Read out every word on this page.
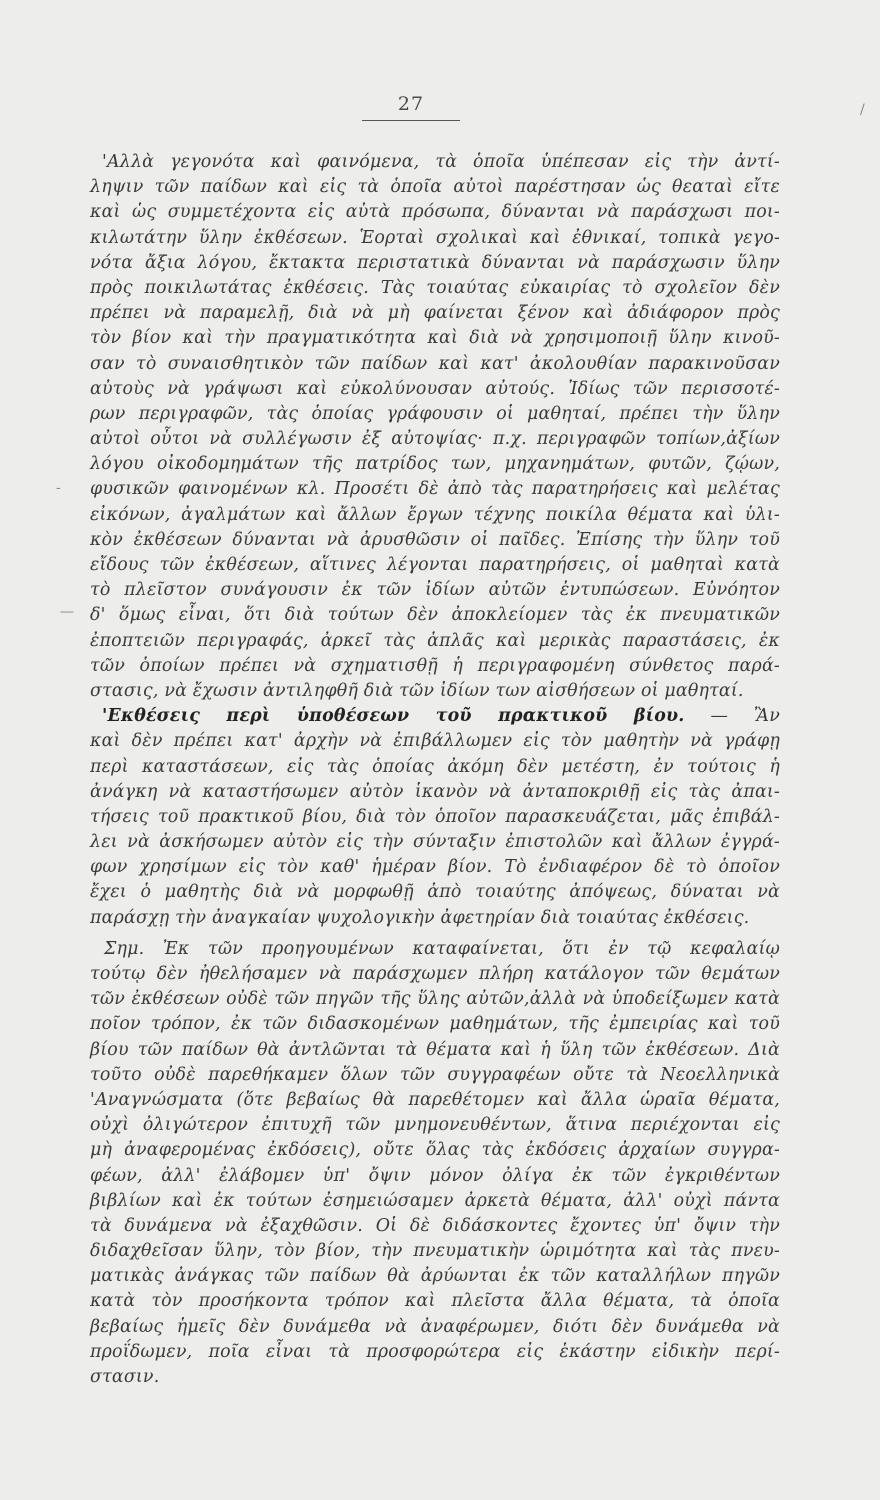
27	/
-
—
'Αλλὰ γεγονότα καὶ φαινόμενα, τὰ ὁποῖα ὑπέπεσαν εἰς τὴν ἀντί-
ληψιν τῶν παίδων καὶ εἰς τὰ ὁποῖα αὐτοὶ παρέστησαν ὡς θεαταὶ εἴτε
καὶ ὡς συμμετέχοντα εἰς αὐτὰ πρόσωπα, δύνανται νὰ παράσχωσι ποι-
κιλωτάτην ὕλην ἐκθέσεων. Ἑορταὶ σχολικαὶ καὶ ἐθνικαί, τοπικὰ γεγο-
νότα ἄξια λόγου, ἔκτακτα περιστατικὰ δύνανται νὰ παράσχωσιν ὕλην
πρὸς ποικιλωτάτας ἐκθέσεις. Τὰς τοιαύτας εὐκαιρίας τὸ σχολεῖον δὲν
πρέπει νὰ παραμελῇ, διὰ νὰ μὴ φαίνεται ξένον καὶ ἀδιάφορον πρὸς
τὸν βίον καὶ τὴν πραγματικότητα καὶ διὰ νὰ χρησιμοποιῇ ὕλην κινοῦ-
σαν τὸ συναισθητικὸν τῶν παίδων καὶ κατ' ἀκολουθίαν παρακινοῦσαν
αὐτοὺς νὰ γράψωσι καὶ εὐκολύνουσαν αὐτούς. Ἰδίως τῶν περισσοτέ-
ρων περιγραφῶν, τὰς ὁποίας γράφουσιν οἱ μαθηταί, πρέπει τὴν ὕλην
αὐτοὶ οὗτοι νὰ συλλέγωσιν ἐξ αὐτοψίας· π.χ. περιγραφῶν τοπίων,ἀξίων
λόγου οἰκοδομημάτων τῆς πατρίδος των, μηχανημάτων, φυτῶν, ζῴων,
φυσικῶν φαινομένων κλ. Προσέτι δὲ ἀπὸ τὰς παρατηρήσεις καὶ μελέτας
εἰκόνων, ἀγαλμάτων καὶ ἄλλων ἔργων τέχνης ποικίλα θέματα καὶ ὑλι-
κὸν ἐκθέσεων δύνανται νὰ ἀρυσθῶσιν οἱ παῖδες. Ἐπίσης τὴν ὕλην τοῦ
εἴδους τῶν ἐκθέσεων, αἵτινες λέγονται παρατηρήσεις, οἱ μαθηταὶ κατὰ
τὸ πλεῖστον συνάγουσιν ἐκ τῶν ἰδίων αὐτῶν ἐντυπώσεων. Εὐνόητον
δ' ὅμως εἶναι, ὅτι διὰ τούτων δὲν ἀποκλείομεν τὰς ἐκ πνευματικῶν
ἐποπτειῶν περιγραφάς, ἀρκεῖ τὰς ἁπλᾶς καὶ μερικὰς παραστάσεις, ἐκ
τῶν ὁποίων πρέπει νὰ σχηματισθῇ ἡ περιγραφομένη σύνθετος παρά-
στασις, νὰ ἔχωσιν ἀντιληφθῆ διὰ τῶν ἰδίων των αἰσθήσεων οἱ μαθηταί.
'Εκθέσεις περὶ ὑποθέσεων τοῦ πρακτικοῦ βίου. — Ἂν
καὶ δὲν πρέπει κατ' ἀρχὴν νὰ ἐπιβάλλωμεν εἰς τὸν μαθητὴν νὰ γράφῃ
περὶ καταστάσεων, εἰς τὰς ὁποίας ἀκόμη δὲν μετέστη, ἐν τούτοις ἡ
ἀνάγκη νὰ καταστήσωμεν αὐτὸν ἱκανὸν νὰ ἀνταποκριθῇ εἰς τὰς ἀπαι-
τήσεις τοῦ πρακτικοῦ βίου, διὰ τὸν ὁποῖον παρασκευάζεται, μᾶς ἐπιβάλ-
λει νὰ ἀσκήσωμεν αὐτὸν εἰς τὴν σύνταξιν ἐπιστολῶν καὶ ἄλλων ἐγγρά-
φων χρησίμων εἰς τὸν καθ' ἡμέραν βίον. Τὸ ἐνδιαφέρον δὲ τὸ ὁποῖον
ἔχει ὁ μαθητὴς διὰ νὰ μορφωθῇ ἀπὸ τοιαύτης ἀπόψεως, δύναται νὰ
παράσχῃ τὴν ἀναγκαίαν ψυχολογικὴν ἀφετηρίαν διὰ τοιαύτας ἐκθέσεις.
Σημ. Ἐκ τῶν προηγουμένων καταφαίνεται, ὅτι ἐν τῷ κεφαλαίῳ
τούτῳ δὲν ἠθελήσαμεν νὰ παράσχωμεν πλήρη κατάλογον τῶν θεμάτων
τῶν ἐκθέσεων οὐδὲ τῶν πηγῶν τῆς ὕλης αὐτῶν,ἀλλὰ νὰ ὑποδείξωμεν κατὰ
ποῖον τρόπον, ἐκ τῶν διδασκομένων μαθημάτων, τῆς ἐμπειρίας καὶ τοῦ
βίου τῶν παίδων θὰ ἀντλῶνται τὰ θέματα καὶ ἡ ὕλη τῶν ἐκθέσεων. Διὰ
τοῦτο οὐδὲ παρεθήκαμεν ὅλων τῶν συγγραφέων οὔτε τὰ Νεοελληνικὰ
'Αναγνώσματα (ὅτε βεβαίως θὰ παρεθέτομεν καὶ ἄλλα ὡραῖα θέματα,
οὐχὶ ὀλιγώτερον ἐπιτυχῆ τῶν μνημονευθέντων, ἅτινα περιέχονται εἰς
μὴ ἀναφερομένας ἐκδόσεις), οὔτε ὅλας τὰς ἐκδόσεις ἀρχαίων συγγρα-
φέων, ἀλλ' ἐλάβομεν ὑπ' ὄψιν μόνον ὀλίγα ἐκ τῶν ἐγκριθέντων
βιβλίων καὶ ἐκ τούτων ἐσημειώσαμεν ἀρκετὰ θέματα, ἀλλ' οὐχὶ πάντα
τὰ δυνάμενα νὰ ἐξαχθῶσιν. Οἱ δὲ διδάσκοντες ἔχοντες ὑπ' ὄψιν τὴν
διδαχθεῖσαν ὕλην, τὸν βίον, τὴν πνευματικὴν ὡριμότητα καὶ τὰς πνευ-
ματικὰς ἀνάγκας τῶν παίδων θὰ ἀρύωνται ἐκ τῶν καταλλήλων πηγῶν
κατὰ τὸν προσήκοντα τρόπον καὶ πλεῖστα ἄλλα θέματα, τὰ ὁποῖα
βεβαίως ἡμεῖς δὲν δυνάμεθα νὰ ἀναφέρωμεν, διότι δὲν δυνάμεθα νὰ
προΐδωμεν, ποῖα εἶναι τὰ προσφορώτερα εἰς ἑκάστην εἰδικὴν περί-
στασιν.
